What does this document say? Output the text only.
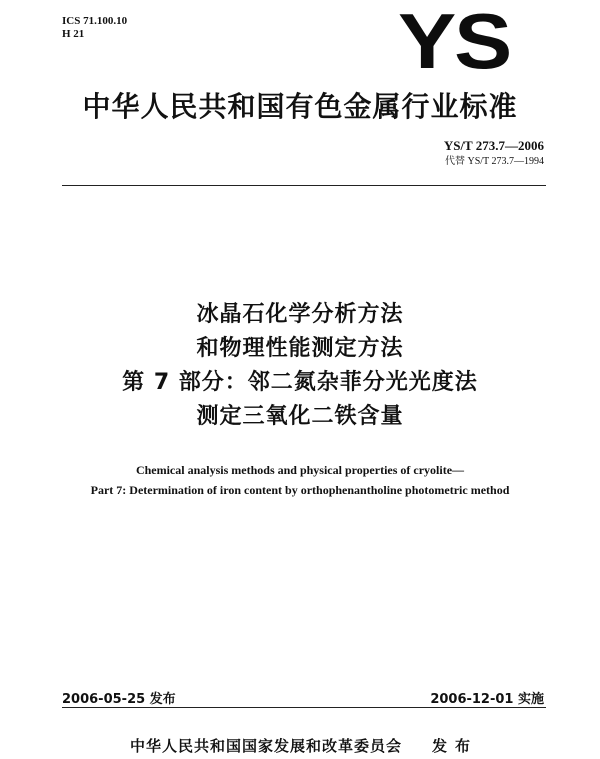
ICS 71.100.10
H 21	YS
中华人民共和国有色金属行业标准
YS/T 273.7—2006
代替 YS/T 273.7—1994
冰晶石化学分析方法
和物理性能测定方法
第 7 部分：邻二氮杂菲分光光度法
测定三氧化二铁含量
Chemical analysis methods and physical properties of cryolite—
Part 7: Determination of iron content by orthophenantholine photometric method
2006-05-25 发布	2006-12-01 实施
中华人民共和国国家发展和改革委员会 发布
